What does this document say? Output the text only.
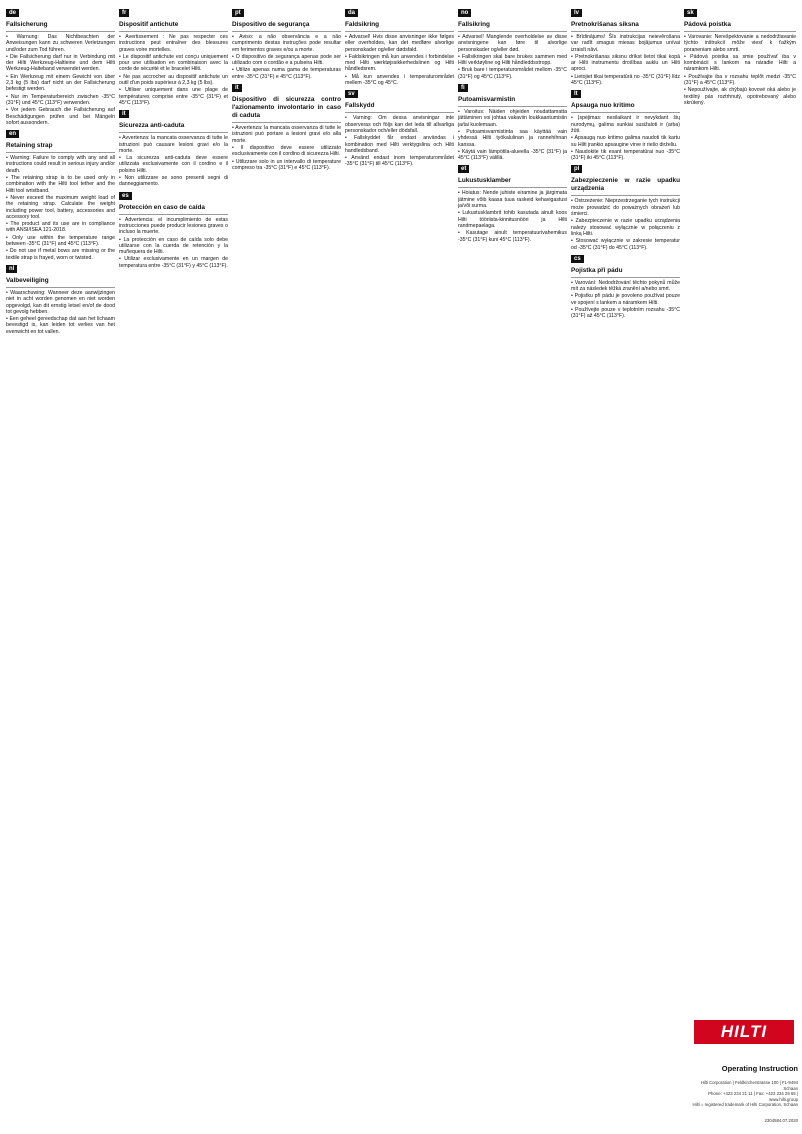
de
Fallsicherung
• Warnung: Das Nichtbeachten der Anweisungen kann zu schweren Verletzungen und/oder zum Tod führen.
• Die Fallsicherung darf nur in Verbindung mit der Hilti Werkzeug-Haltleine und dem Hilti Werkzeug-Halteband verwendet werden.
• Ein Werkzeug mit einem Gewicht von über 2,3 kg (5 lbs) darf nicht an der Fallsicherung befestigt werden.
• Nur im Temperaturbereich zwischen -35°C (31°F) und 45°C (113°F) verwenden.
• Vor jedem Gebrauch die Fallsicherung auf Beschädigungen prüfen und bei Mängeln sofort aussondern.
en
Retaining strap
• Warning: Failure to comply with any and all instructions could result in serious injury and/or death.
• The retaining strap is to be used only in combination with the Hilti tool tether and the Hilti tool wristband.
• Never exceed the maximum weight load of the retaining strap. Calculate the weight including power tool, battery, accessories and accessory tool.
• The product and its use are in compliance with ANSI/ISEA 121-2018.
• Only use within the temperature range between -35°C (31°F) and 45°C (113°F).
• Do not use if metal bows are missing or the textile strap is frayed, worn or twisted.
nl
Valbeveiliging
• Waarschuwing: Wanneer deze aanwijzingen niet in acht worden genomen en niet worden opgevolgd, kan dit ernstig letsel en/of de dood tot gevolg hebben.
• Een geheel gereedschap dat aan het lichaam bevestigd is, kan leiden tot verlies van het evenwicht en tot vallen.
fr
Dispositif antichute
• Avertissement : Ne pas respecter ces instructions peut entraîner des blessures graves voire mortelles.
• Le dispositif antichute est conçu uniquement pour une utilisation en combinaison avec la corde de sécurité et le bracelet Hilti.
• Ne pas accrocher au dispositif antichute un outil d'un poids supérieur à 2,3 kg (5 lbs).
• Utiliser uniquement dans une plage de températures comprise entre -35°C (31°F) et 45°C (113°F).
it
Sicurezza anti-caduta
• Avvertenza: la mancata osservanza di tutte le istruzioni può causare lesioni gravi e/o la morte.
• La sicurezza anti-caduta deve essere utilizzata esclusivamente con il cordino e il polsino Hilti.
• Non utilizzare se sono presenti segni di danneggiamento.
es
Protección en caso de caída
• Advertencia: el incumplimiento de estas instrucciones puede producir lesiones graves o incluso la muerte.
• La protección en caso de caída solo debe utilizarse con la cuerda de retención y la muñequera de Hilti.
• Utilizar exclusivamente en un margen de temperatura entre -35°C (31°F) y 45°C (113°F).
pt
Dispositivo de segurança
• Aviso: a não observância e a não cumprimento destas instruções pode resultar em ferimentos graves e/ou a morte.
• O dispositivo de segurança apenas pode ser utilizado com o cordão e a pulseira Hilti.
• Utilize apenas numa gama de temperaturas entre -35°C (31°F) e 45°C (113°F).
it
Dispositivo di sicurezza contro l'azionamento involontario in caso di caduta
• Avvertenza: la mancata osservanza di tutte le istruzioni può portare a lesioni gravi e/o alla morte.
• Il dispositivo deve essere utilizzato esclusivamente con il cordino di sicurezza Hilti.
• Utilizzare solo in un intervallo di temperature compreso tra -35°C (31°F) e 45°C (113°F).
da
Faldsikring
• Advarsel! Hvis disse anvisninger ikke følges eller overholdes, kan det medføre alvorlige personskader og/eller dødsfald.
• Faldsikringen må kun anvendes i forbindelse med Hilti værktøjssikkerhedslinen og Hilti håndledsrem.
• Må kun anvendes i temperaturområdet mellem -35°C og 45°C.
sv
Fallskydd
• Varning: Om dessa anvisningar inte observeras och följs kan det leda till allvarliga personskador och/eller dödsfall.
• Fallskyddet får endast användas i kombination med Hilti verktygslina och Hilti handledsband.
• Använd endast inom temperaturområdet -35°C (31°F) till 45°C (113°F).
no
Fallsikring
• Advarsel! Manglende overholdelse av disse anvisningene kan føre til alvorlige personskader og/eller død.
• Fallsikringen skal bare brukes sammen med Hilti verktøyline og Hilti håndleddsstropp.
• Bruk bare i temperaturområdet mellom -35°C (31°F) og 45°C (113°F).
fi
Putoamisvarmistin
• Varoitus: Näiden ohjeiden noudattamatta jättäminen voi johtaa vakaviin loukkaantumisiin ja/tai kuolemaan.
• Putoamisvarmistinta saa käyttää vain yhdessä Hilti työkalulinan ja rannehihnan kanssa.
• Käytä vain lämpötila-alueella -35°C (31°F) ja 45°C (113°F) välillä.
et
Lukustusklamber
• Hoiatus: Nende juhiste eiramine ja järgimata jätmine võib kaasa tuua raskeid kehavigastusi ja/või surma.
• Lukustusklambrit tohib kasutada ainult koos Hilti tööriista-kinnitusnööri ja Hilti randmepaelaga.
• Kasutage ainult temperatuurivahemikus -35°C (31°F) kuni 45°C (113°F).
lv
Pretnokrišanas siksna
• Brīdinājums! Šīs instrukcijas neievērošana var radīt smagus miesas bojājumus un/vai izraisīt nāvi.
• Pretnokrišanas siksnu drīkst lietot tikai kopā ar Hilti instrumentu drošības auklu un Hilti aproci.
• Lietojiet tikai temperatūrā no -35°C (31°F) līdz 45°C (113°F).
lt
Apsauga nuo kritimo
• Įspėjimas: nesilaikant ir nevykdant šių nurodymų, galima sunkiai susižaloti ir (arba) žūti.
• Apsaugą nuo kritimo galima naudoti tik kartu su Hilti įrankio apsaugine virve ir riešo dirželiu.
• Naudokite tik esant temperatūrai nuo -35°C (31°F) iki 45°C (113°F).
pl
Zabezpieczenie w razie upadku urządzenia
• Ostrzeżenie: Nieprzestrzeganie tych instrukcji może prowadzić do poważnych obrażeń lub śmierci.
• Zabezpieczenie w razie upadku urządzenia należy stosować wyłącznie w połączeniu z linką Hilti.
• Stosować wyłącznie w zakresie temperatur od -35°C (31°F) do 45°C (113°F).
cs
Pojistka při pádu
• Varování: Nedodržování těchto pokynů může mít za následek těžká zranění a/nebo smrt.
• Pojistku při pádu je povoleno používat pouze ve spojení s lankem a náramkem Hilti.
• Používejte pouze v teplotním rozsahu -35°C (31°F) až 45°C (113°F).
sk
Pádová poistka
• Varovanie: Nerešpektovanie a nedodržiavanie týchto inštrukcií môže viesť k ťažkým poraneniam alebo smrti.
• Pádová poistka sa smie používať iba v kombinácii s lankom na náradie Hilti a náramkom Hilti.
• Používajte iba v rozsahu teplôt medzi -35°C (31°F) a 45°C (113°F).
• Nepoužívajte, ak chýbajú kovové oká alebo je textilný pás roztrhnutý, opotrebovaný alebo skrútený.
HILTI
Operating Instruction
Hilti Corporation | Feldkircherstrasse 100 | FL-9494 Schaan
Phone: +423 234 21 11 | Fax: +423 234 29 65 | www.hilti.group
Hilti = registered trademark of Hilti Corporation, Schaan
2304584.07.2020
